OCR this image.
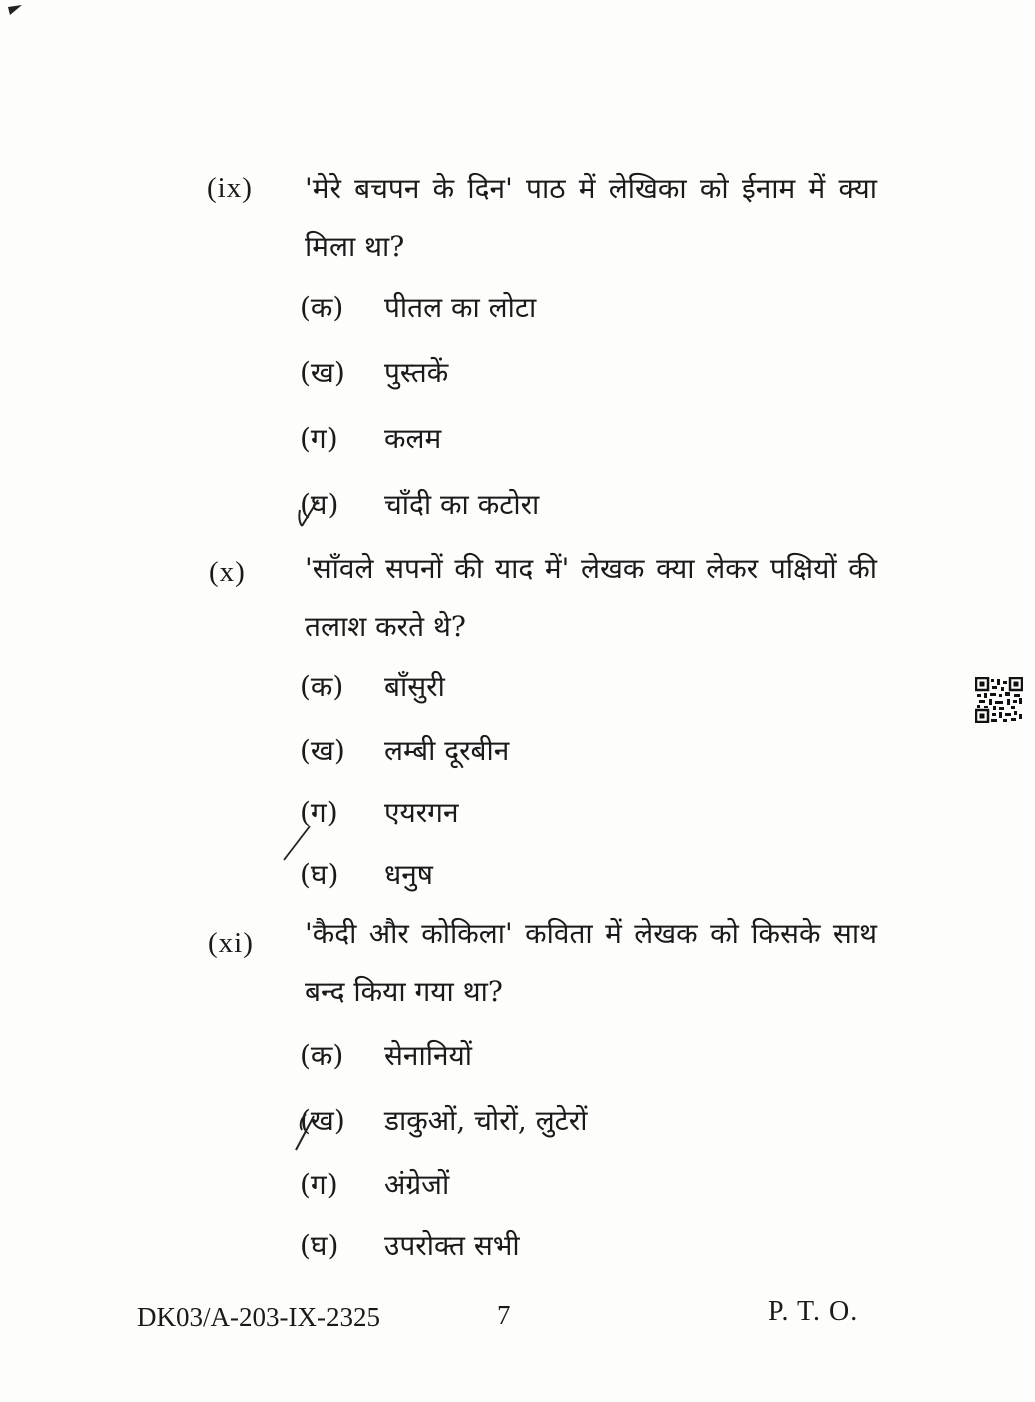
(ix) 'मेरे बचपन के दिन' पाठ में लेखिका को ईनाम में क्या मिला था?
(क) पीतल का लोटा
(ख) पुस्तकें
(ग) कलम
(घ) चाँदी का कटोरा
(x) 'साँवले सपनों की याद में' लेखक क्या लेकर पक्षियों की तलाश करते थे?
(क) बाँसुरी
(ख) लम्बी दूरबीन
(ग) एयरगन
(घ) धनुष
(xi) 'कैदी और कोकिला' कविता में लेखक को किसके साथ बन्द किया गया था?
(क) सेनानियों
(ख) डाकुओं, चोरों, लुटेरों
(ग) अंग्रेजों
(घ) उपरोक्त सभी
DK03/A-203-IX-2325	7	P. T. O.
